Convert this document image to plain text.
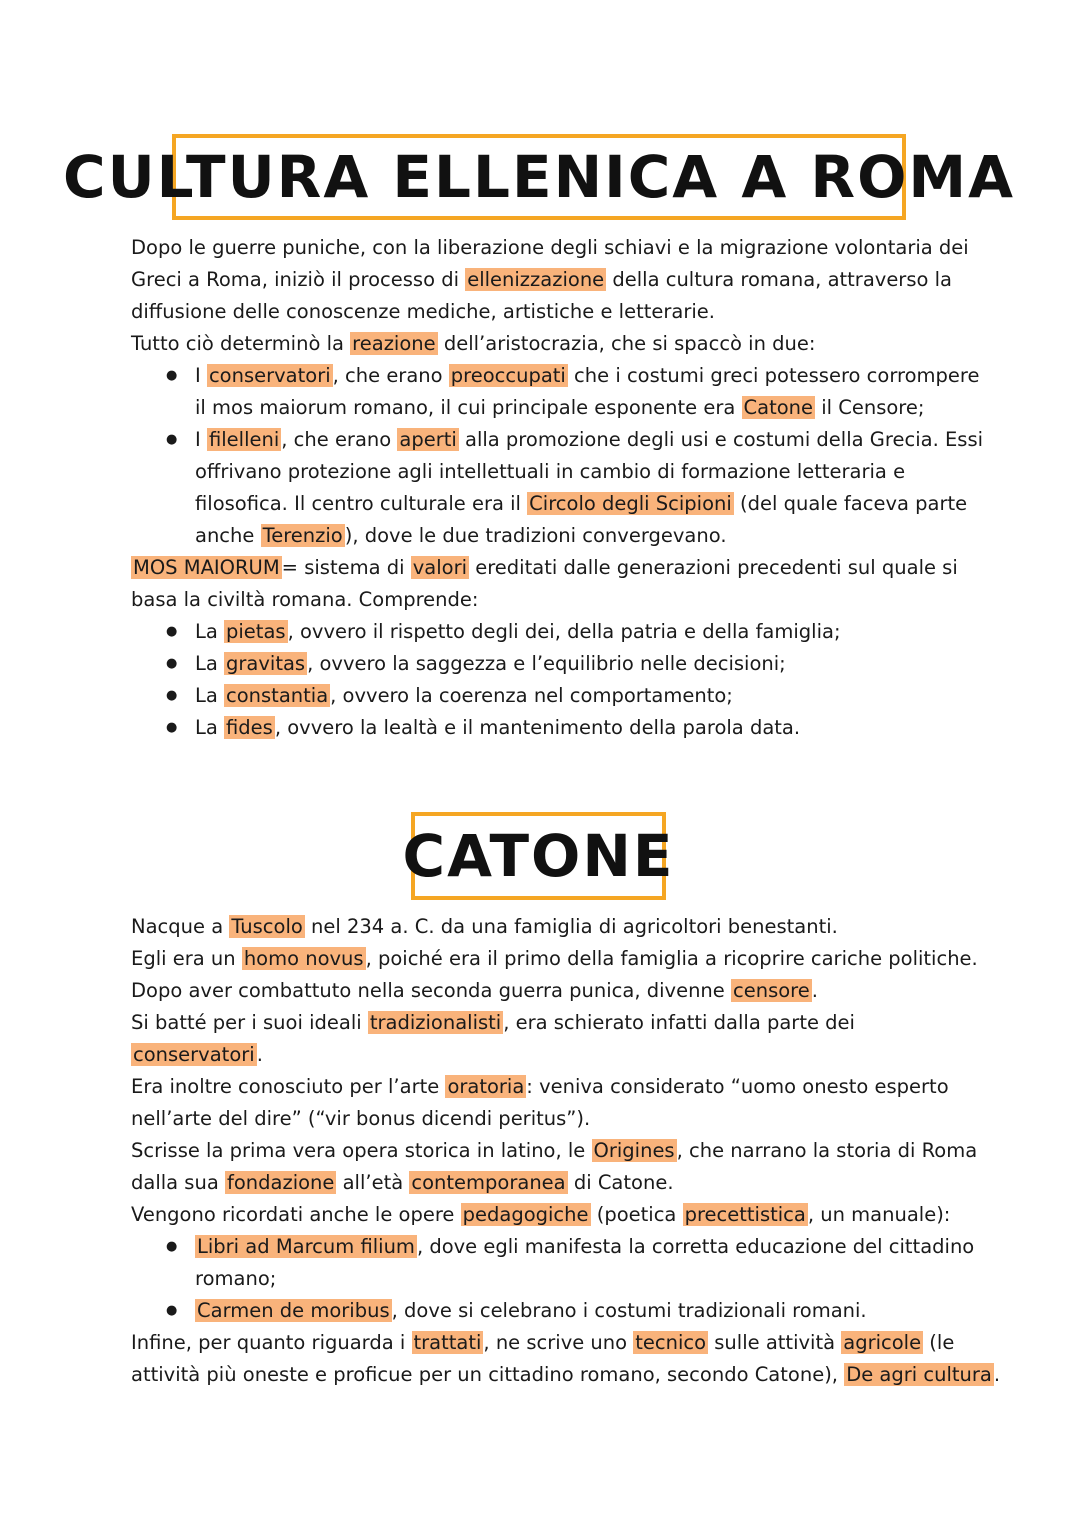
CULTURA ELLENICA A ROMA
Dopo le guerre puniche, con la liberazione degli schiavi e la migrazione volontaria dei
Greci a Roma, iniziò il processo di ellenizzazione della cultura romana, attraverso la
diffusione delle conoscenze mediche, artistiche e letterarie.
Tutto ciò determinò la reazione dell’aristocrazia, che si spaccò in due:
● I conservatori , che erano preoccupati che i costumi greci potessero corrompere
il mos maiorum romano, il cui principale esponente era Catone il Censore;
● I filelleni , che erano aperti alla promozione degli usi e costumi della Grecia. Essi
offrivano protezione agli intellettuali in cambio di formazione letteraria e
filosofica. Il centro culturale era il Circolo degli Scipioni (del quale faceva parte
anche Terenzio ), dove le due tradizioni convergevano.
MOS MAIORUM = sistema di valori ereditati dalle generazioni precedenti sul quale si
basa la civiltà romana. Comprende:
● La pietas , ovvero il rispetto degli dei, della patria e della famiglia;
● La gravitas , ovvero la saggezza e l’equilibrio nelle decisioni;
● La constantia , ovvero la coerenza nel comportamento;
● La fides , ovvero la lealtà e il mantenimento della parola data.
CATONE
Nacque a Tuscolo nel 234 a. C. da una famiglia di agricoltori benestanti.
Egli era un homo novus , poiché era il primo della famiglia a ricoprire cariche politiche.
Dopo aver combattuto nella seconda guerra punica, divenne censore .
Si batté per i suoi ideali tradizionalisti , era schierato infatti dalla parte dei
conservatori .
Era inoltre conosciuto per l’arte oratoria : veniva considerato “uomo onesto esperto
nell’arte del dire” (“vir bonus dicendi peritus”).
Scrisse la prima vera opera storica in latino, le Origines , che narrano la storia di Roma
dalla sua fondazione all’età contemporanea di Catone.
Vengono ricordati anche le opere pedagogiche (poetica precettistica , un manuale):
● Libri ad Marcum filium , dove egli manifesta la corretta educazione del cittadino
romano;
● Carmen de moribus , dove si celebrano i costumi tradizionali romani.
Infine, per quanto riguarda i trattati , ne scrive uno tecnico sulle attività agricole (le
attività più oneste e proficue per un cittadino romano, secondo Catone), De agri cultura .
